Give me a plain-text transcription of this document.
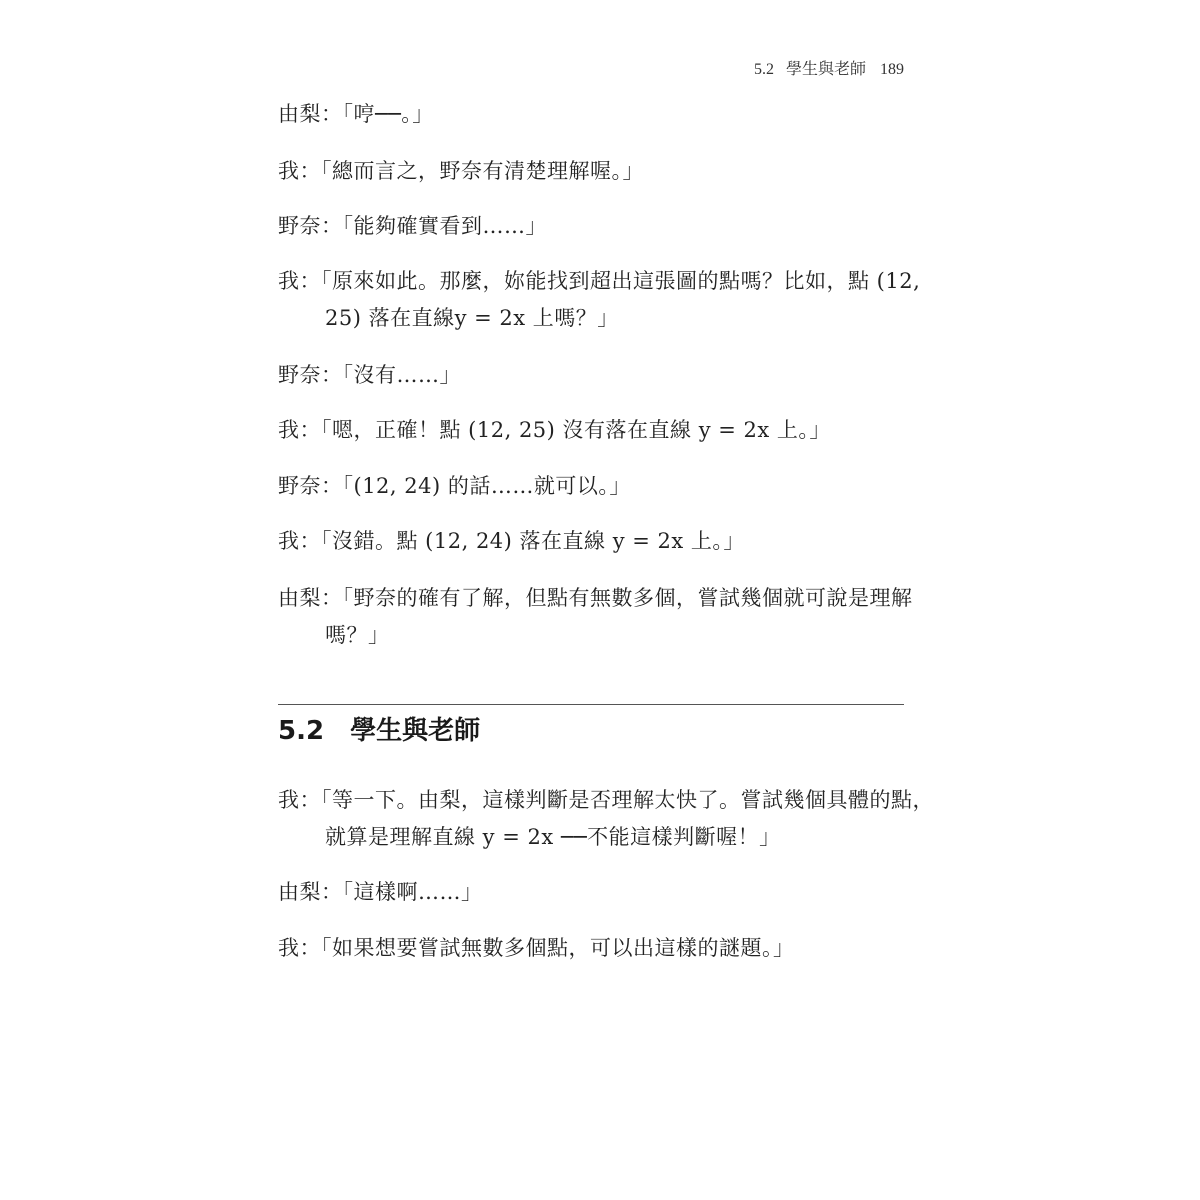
5.2 學生與老師 189

由梨：「哼──。」

我：「總而言之，野奈有清楚理解喔。」

野奈：「能夠確實看到……」

我：「原來如此。那麼，妳能找到超出這張圖的點嗎？比如，點 (12, 25) 落在直線y = 2x 上嗎？」

野奈：「沒有……」

我：「嗯，正確！點 (12, 25) 沒有落在直線 y = 2x 上。」

野奈：「(12, 24) 的話……就可以。」

我：「沒錯。點 (12, 24) 落在直線 y = 2x 上。」

由梨：「野奈的確有了解，但點有無數多個，嘗試幾個就可說是理解嗎？」

5.2 學生與老師

我：「等一下。由梨，這樣判斷是否理解太快了。嘗試幾個具體的點，就算是理解直線 y = 2x ──不能這樣判斷喔！」

由梨：「這樣啊……」

我：「如果想要嘗試無數多個點，可以出這樣的謎題。」
